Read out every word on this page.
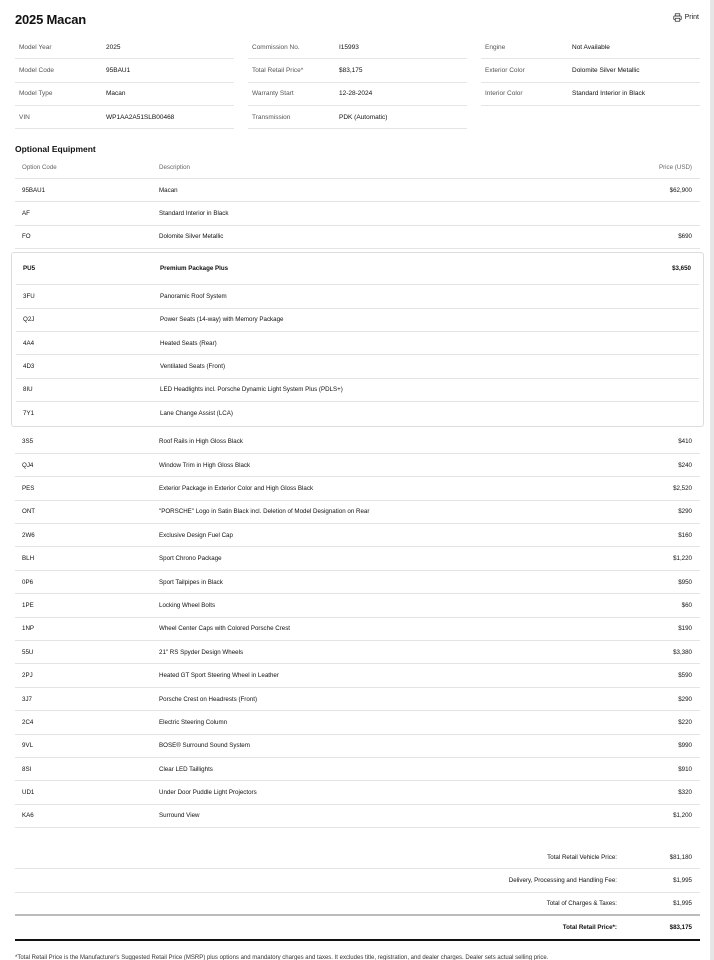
2025 Macan	Print
Model Year	2025
Model Code	95BAU1
Model Type	Macan
VIN	WP1AA2A51SLB00468
Commission No.	I15993
Total Retail Price*	$83,175
Warranty Start	12-28-2024
Transmission	PDK (Automatic)
Engine	Not Available
Exterior Color	Dolomite Silver Metallic
Interior Color	Standard Interior in Black
Optional Equipment
Option Code	Description	Price (USD)
95BAU1	Macan	$62,900
AF	Standard Interior in Black
FO	Dolomite Silver Metallic	$690
PU5	Premium Package Plus	$3,650
3FU	Panoramic Roof System
Q2J	Power Seats (14-way) with Memory Package
4A4	Heated Seats (Rear)
4D3	Ventilated Seats (Front)
8IU	LED Headlights incl. Porsche Dynamic Light System Plus (PDLS+)
7Y1	Lane Change Assist (LCA)
3S5	Roof Rails in High Gloss Black	$410
QJ4	Window Trim in High Gloss Black	$240
PES	Exterior Package in Exterior Color and High Gloss Black	$2,520
ONT	"PORSCHE" Logo in Satin Black incl. Deletion of Model Designation on Rear	$290
2W6	Exclusive Design Fuel Cap	$160
BLH	Sport Chrono Package	$1,220
0P6	Sport Tailpipes in Black	$950
1PE	Locking Wheel Bolts	$60
1NP	Wheel Center Caps with Colored Porsche Crest	$190
55U	21" RS Spyder Design Wheels	$3,380
2PJ	Heated GT Sport Steering Wheel in Leather	$590
3J7	Porsche Crest on Headrests (Front)	$290
2C4	Electric Steering Column	$220
9VL	BOSE® Surround Sound System	$990
8SI	Clear LED Taillights	$910
UD1	Under Door Puddle Light Projectors	$320
KA6	Surround View	$1,200
Total Retail Vehicle Price:	$81,180
Delivery, Processing and Handling Fee:	$1,995
Total of Charges & Taxes:	$1,995
Total Retail Price*:	$83,175
*Total Retail Price is the Manufacturer's Suggested Retail Price (MSRP) plus options and mandatory charges and taxes. It excludes title, registration, and dealer charges. Dealer sets actual selling price.
